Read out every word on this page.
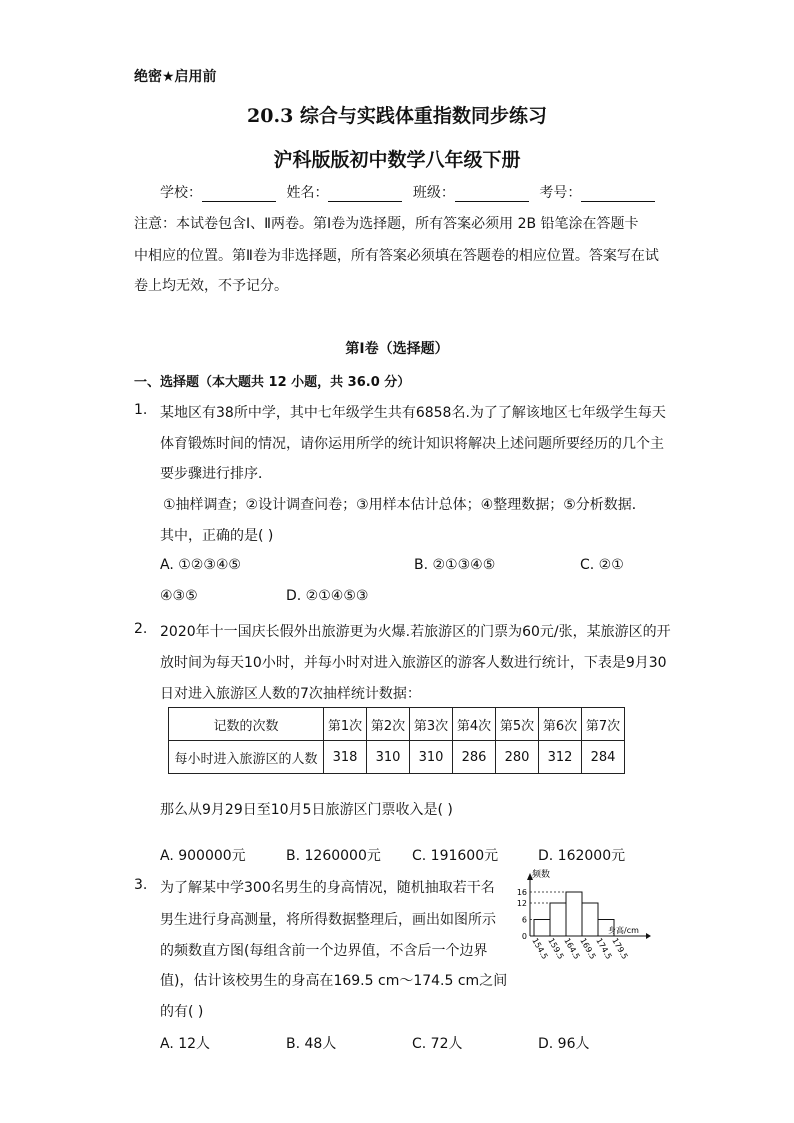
绝密★启用前
20.3 综合与实践体重指数同步练习
沪科版版初中数学八年级下册
学校：	姓名：	班级：	考号：
注意：本试卷包含Ⅰ、Ⅱ两卷。第Ⅰ卷为选择题，所有答案必须用 2B 铅笔涂在答题卡
中相应的位置。第Ⅱ卷为非选择题，所有答案必须填在答题卷的相应位置。答案写在试
卷上均无效，不予记分。
第Ⅰ卷（选择题）
一、选择题（本大题共 12 小题，共 36.0 分）
1. 某地区有38所中学，其中七年级学生共有6858名.为了了解该地区七年级学生每天
体育锻炼时间的情况，请你运用所学的统计知识将解决上述问题所要经历的几个主
要步骤进行排序．
①抽样调查；②设计调查问卷；③用样本估计总体；④整理数据；⑤分析数据．
其中，正确的是( )
A. ①②③④⑤	B. ②①③④⑤	C. ②①
④③⑤	D. ②①④⑤③
2. 2020年十一国庆长假外出旅游更为火爆.若旅游区的门票为60元/张，某旅游区的开
放时间为每天10小时，并每小时对进入旅游区的游客人数进行统计，下表是9月30
日对进入旅游区人数的7次抽样统计数据：
记数的次数	第1次	第2次	第3次	第4次	第5次	第6次	第7次
每小时进入旅游区的人数	318	310	310	286	280	312	284
那么从9月29日至10月5日旅游区门票收入是( )
A. 900000元	B. 1260000元 C. 191600元	D. 162000元
3. 为了解某中学300名男生的身高情况，随机抽取若干名
男生进行身高测量，将所得数据整理后，画出如图所示
的频数直方图(每组含前一个边界值，不含后一个边界
值)，估计该校男生的身高在169.5 cm～174.5 cm之间
的有( )
A. 12人	B. 48人	C. 72人	D. 96人
频数
身高/cm
0
6
12
16
154.5
159.5
164.5
169.5
174.5
179.5
